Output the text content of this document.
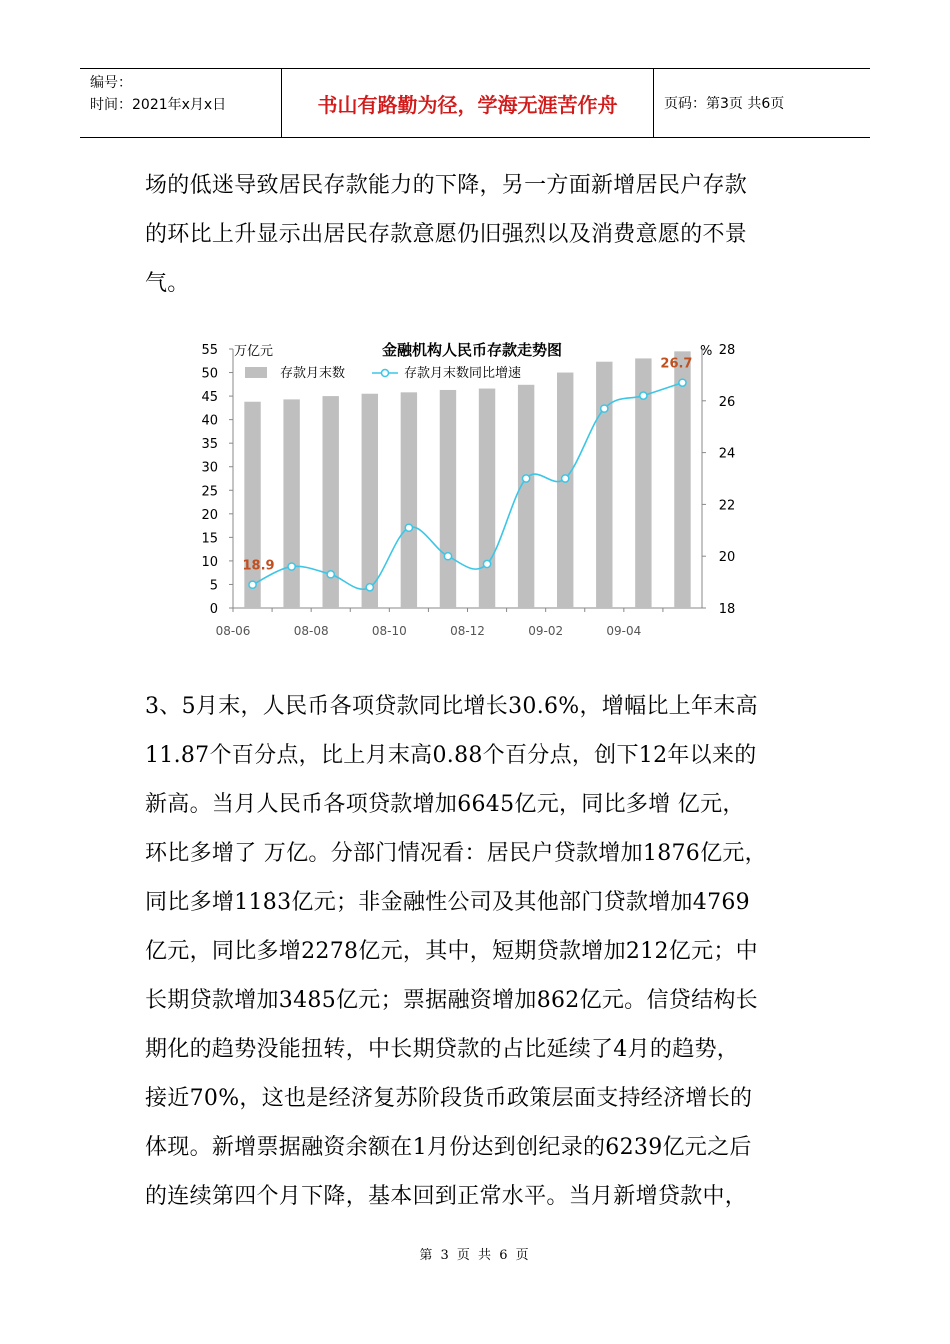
编号：
时间：2021年x月x日	书山有路勤为径，学海无涯苦作舟	页码：第3页 共6页

场的低迷导致居民存款能力的下降，另一方面新增居民户存款

的环比上升显示出居民存款意愿仍旧强烈以及消费意愿的不景

气。

万亿元	%
金融机构人民币存款走势图
存款月末数	存款月末数同比增速
55
50
45
40
35
30
25
20
15
10
5
0
28
26
24
22
20
18
18.9
26.7
08-06	08-08	08-10	08-12	09-02	09-04

3、5月末，人民币各项贷款同比增长30.6%，增幅比上年末高

11.87个百分点，比上月末高0.88个百分点，创下12年以来的

新高。当月人民币各项贷款增加6645亿元，同比多增 亿元，

环比多增了 万亿。分部门情况看：居民户贷款增加1876亿元，

同比多增1183亿元；非金融性公司及其他部门贷款增加4769

亿元，同比多增2278亿元，其中，短期贷款增加212亿元；中

长期贷款增加3485亿元；票据融资增加862亿元。信贷结构长

期化的趋势没能扭转，中长期贷款的占比延续了4月的趋势，

接近70%，这也是经济复苏阶段货币政策层面支持经济增长的

体现。新增票据融资余额在1月份达到创纪录的6239亿元之后

的连续第四个月下降，基本回到正常水平。当月新增贷款中，

第 3 页 共 6 页
